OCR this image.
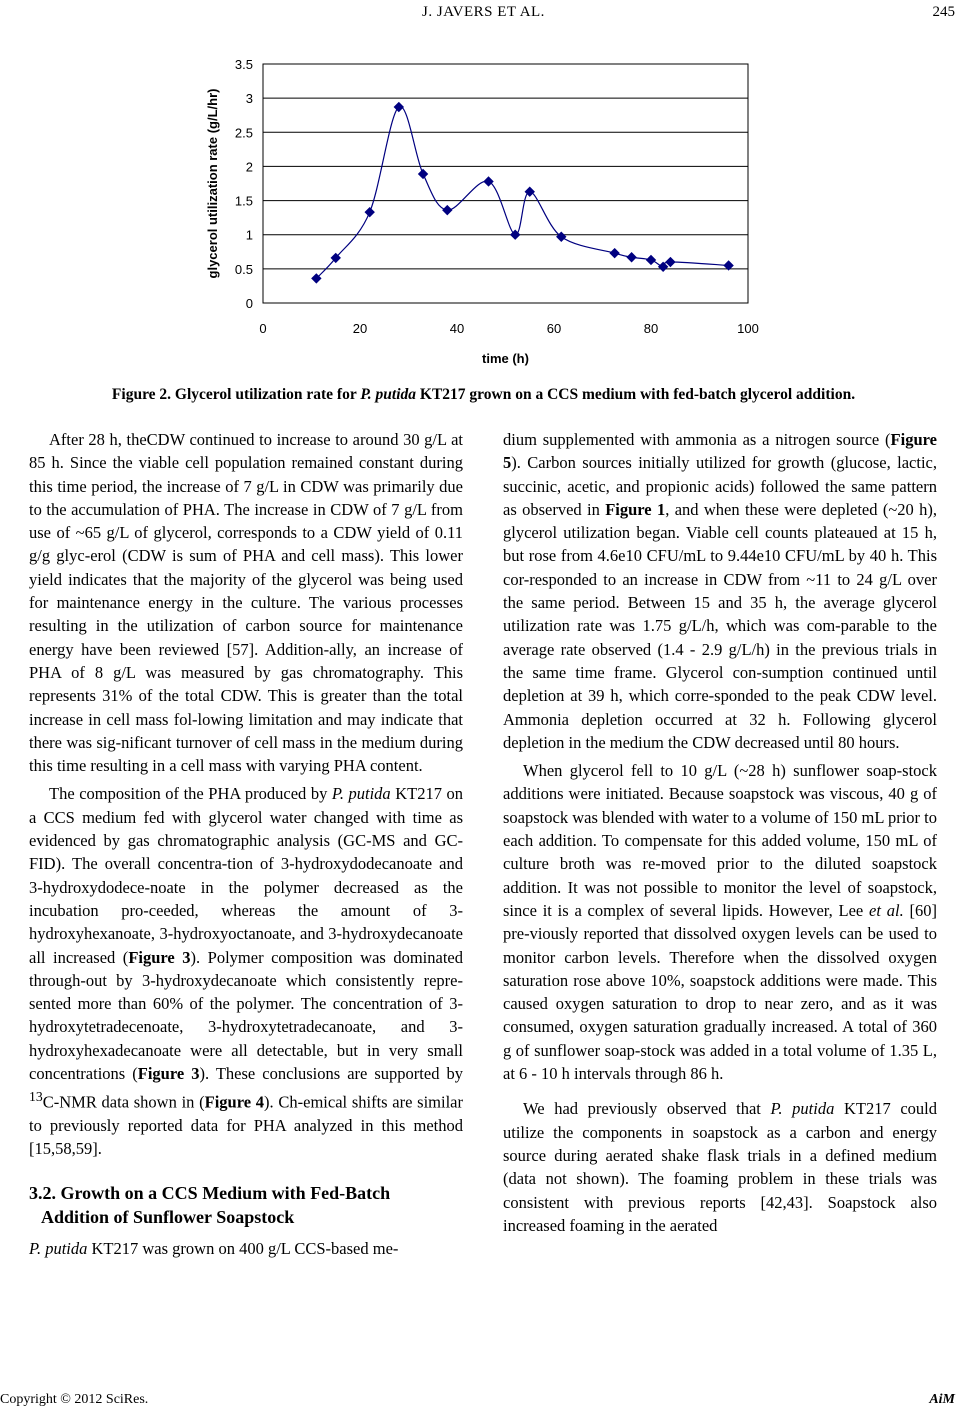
J. JAVERS ET AL.	245
0
0.5
1
1.5
2
2.5
3
3.5
0	20	40	60	80	100
time (h)
glycerol utilization rate (g/L/hr)
Figure 2. Glycerol utilization rate for P. putida KT217 grown on a CCS medium with fed-batch glycerol addition.

After 28 h, theCDW continued to increase to around 30 g/L at 85 h. Since the viable cell population remained constant during this time period, the increase of 7 g/L in CDW was primarily due to the accumulation of PHA. The increase in CDW of 7 g/L from use of ~65 g/L of glycerol, corresponds to a CDW yield of 0.11 g/g glyc-erol (CDW is sum of PHA and cell mass). This lower yield indicates that the majority of the glycerol was being used for maintenance energy in the culture. The various processes resulting in the utilization of carbon source for maintenance energy have been reviewed [57]. Addition-ally, an increase of PHA of 8 g/L was measured by gas chromatography. This represents 31% of the total CDW. This is greater than the total increase in cell mass fol-lowing limitation and may indicate that there was sig-nificant turnover of cell mass in the medium during this time resulting in a cell mass with varying PHA content.

The composition of the PHA produced by P. putida KT217 on a CCS medium fed with glycerol water changed with time as evidenced by gas chromatographic analysis (GC-MS and GC-FID). The overall concentra-tion of 3-hydroxydodecanoate and 3-hydroxydodece-noate in the polymer decreased as the incubation pro-ceeded, whereas the amount of 3-hydroxyhexanoate, 3-hydroxyoctanoate, and 3-hydroxydecanoate all increased (Figure 3). Polymer composition was dominated through-out by 3-hydroxydecanoate which consistently repre-sented more than 60% of the polymer. The concentration of 3-hydroxytetradecenoate, 3-hydroxytetradecanoate, and 3-hydroxyhexadecanoate were all detectable, but in very small concentrations (Figure 3). These conclusions are supported by $^{13}$C-NMR data shown in (Figure 4). Ch-emical shifts are similar to previously reported data for PHA analyzed in this method [15,58,59].

3.2. Growth on a CCS Medium with Fed-Batch
Addition of Sunflower Soapstock

P. putida KT217 was grown on 400 g/L CCS-based me-

dium supplemented with ammonia as a nitrogen source (Figure 5). Carbon sources initially utilized for growth (glucose, lactic, succinic, acetic, and propionic acids) followed the same pattern as observed in Figure 1, and when these were depleted (~20 h), glycerol utilization began. Viable cell counts plateaued at 15 h, but rose from 4.6e10 CFU/mL to 9.44e10 CFU/mL by 40 h. This cor-responded to an increase in CDW from ~11 to 24 g/L over the same period. Between 15 and 35 h, the average glycerol utilization rate was 1.75 g/L/h, which was com-parable to the average rate observed (1.4 - 2.9 g/L/h) in the previous trials in the same time frame. Glycerol con-sumption continued until depletion at 39 h, which corre-sponded to the peak CDW level. Ammonia depletion occurred at 32 h. Following glycerol depletion in the medium the CDW decreased until 80 hours.

When glycerol fell to 10 g/L (~28 h) sunflower soap-stock additions were initiated. Because soapstock was viscous, 40 g of soapstock was blended with water to a volume of 150 mL prior to each addition. To compensate for this added volume, 150 mL of culture broth was re-moved prior to the diluted soapstock addition. It was not possible to monitor the level of soapstock, since it is a complex of several lipids. However, Lee et al. [60] pre-viously reported that dissolved oxygen levels can be used to monitor carbon levels. Therefore when the dissolved oxygen saturation rose above 10%, soapstock additions were made. This caused oxygen saturation to drop to near zero, and as it was consumed, oxygen saturation gradually increased. A total of 360 g of sunflower soap-stock was added in a total volume of 1.35 L, at 6 - 10 h intervals through 86 h.

We had previously observed that P. putida KT217 could utilize the components in soapstock as a carbon and energy source during aerated shake flask trials in a defined medium (data not shown). The foaming problem in these trials was consistent with previous reports [42,43]. Soapstock also increased foaming in the aerated

Copyright © 2012 SciRes.	AiM
